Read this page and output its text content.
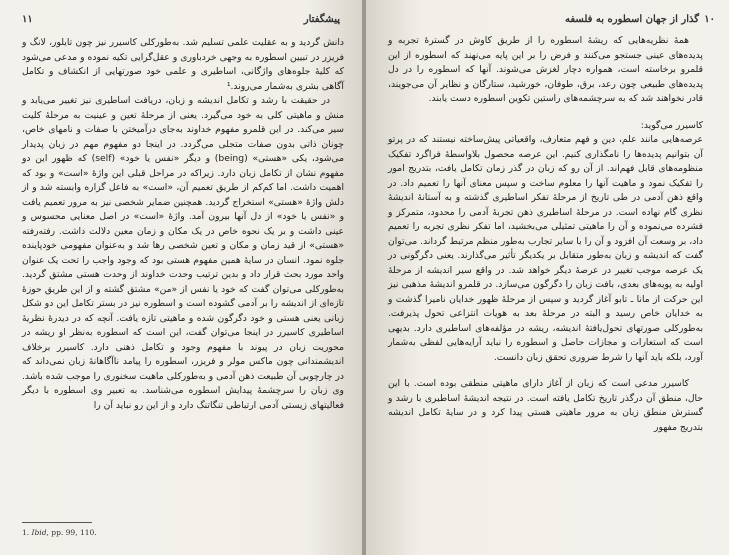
پیشگفتار
۱۱

دانش گردید و به عقلیت علمی تسلیم شد. به‌طورکلی کاسیرر نیز چون تایلور، لانگ و فریزر در تبیین اسطوره به وجهی خردباوری و عقل‌گرایی تکیه نموده و مدعی می‌شود که کلیهٔ جلوه‌های واژگانی، اساطیری و علمی خود صورتهایی از انکشاف و تکامل آگاهی بشری به‌شمار می‌روند.¹

در حقیقت با رشد و تکامل اندیشه و زبان، دریافت اساطیری نیز تغییر می‌یابد و منش و ماهیتی کلی به خود می‌گیرد. یعنی از مرحلهٔ تعین و عینیت به مرحلهٔ کلیت سیر می‌کند. در این قلمرو مفهوم خداوند به‌جای درآمیختن با صفات و نامهای خاص، چونان ذاتی بدون صفات متجلی می‌گردد. در اینجا دو مفهوم مهم در زبان پدیدار می‌شود، یکی «هستی» (being) و دیگر «نفس یا خود» (self) که ظهور این دو مفهوم نشان از تکامل زبان دارد. زیراکه در مراحل قبلی این واژهٔ «است» و بود که اهمیت داشت. اما کم‌کم از طریق تعمیم آن، «است» به فاعل گزاره وابسته شد و از دلش واژهٔ «هستی» استخراج گردید. همچنین ضمایر شخصی نیز به مرور تعمیم یافت و «نفس یا خود» از دل آنها بیرون آمد. واژهٔ «است» در اصل معنایی محسوس و عینی داشت و بر یک نحوه خاص در یک مکان و زمان معین دلالت داشت. رفته‌رفته «هستی» از قید زمان و مکان و تعین شخصی رها شد و به‌عنوان مفهومی خودپاینده جلوه نمود. انسان در سایهٔ همین مفهوم هستی بود که وجود واجب را تحت یک عنوان واحد مورد بحث قرار داد و بدین ترتیب وحدت خداوند از وحدت هستی مشتق گردید. به‌طورکلی می‌توان گفت که خود یا نفس از «من» مشتق گشته و از این طریق حوزهٔ تازه‌ای از اندیشه را بر آدمی گشوده است و اسطوره نیز در بستر تکامل این دو شکل زبانی یعنی هستی و خود دگرگون شده و ماهیتی تازه یافت. آنچه که در دیدرهٔ نظریهٔ اساطیری کاسیرر در اینجا می‌توان گفت، این است که اسطوره به‌نظر او ریشه در محوریت زبان در پیوند با مفهوم وجود و تکامل ذهنی دارد. کاسیرر برخلاف اندیشمندانی چون ماکس مولر و فریزر، اسطوره را پیامد ناآگاهانهٔ زبان نمی‌داند که در چارچوبی آن طبیعت ذهن آدمی و به‌طورکلی ماهیت سخنوری را موجب شده باشد. وی زبان را سرچشمهٔ پیدایش اسطوره می‌شناسد. به تعبیر وی اسطوره با دیگر فعالیتهای زیستی آدمی ارتباطی تنگاتنگ دارد و از این رو نباید آن را

1. Ibid, pp. 99, 110.
۱۰
گذار از جهان اسطوره به فلسفه

همهٔ نظریه‌هایی که ریشهٔ اسطوره را از طریق کاوش در گسترهٔ تجربه و پدیده‌های عینی جستجو می‌کنند و فرض را بر این پایه می‌نهند که اسطوره از این قلمرو برخاسته است، همواره دچار لغزش می‌شوند. آنها که اسطوره را در دل پدیده‌های طبیعی چون رعد، برق، طوفان، خورشید، ستارگان و نظایر آن می‌جویند، قادر نخواهند شد که به سرچشمه‌های راستین تکوین اسطوره دست یابند.

کاسیرر می‌گوید:

عرصه‌هایی مانند علم، دین و فهم متعارف، واقعیاتی پیش‌ساخته نیستند که در پرتو آن بتوانیم پدیده‌ها را نامگذاری کنیم. این عرصه محصول بلاواسطهٔ فراگرد تفکیک منظومه‌های قابل فهم‌اند. از آن رو که زبان در گذر زمان تکامل یافت، بتدریج امور را تفکیک نمود و ماهیت آنها را معلوم ساخت و سپس معنای آنها را تعمیم داد. در واقع ذهن آدمی در طی تاریخ از مرحلهٔ تفکر اساطیری گذشته و به آستانهٔ اندیشهٔ نظری گام نهاده است. در مرحلهٔ اساطیری ذهن تجربهٔ آدمی را محدود، متمرکز و فشرده می‌نموده و آن را ماهیتی تمثیلی می‌بخشید، اما تفکر نظری تجربه را تعمیم داد، بر وسعت آن افزود و آن را با سایر تجارب به‌طور منظم مرتبط گرداند. می‌توان گفت که اندیشه و زبان به‌طور متقابل بر یکدیگر تأثیر می‌گذارند. یعنی دگرگونی در یک عرصه موجب تغییر در عرصهٔ دیگر خواهد شد. در واقع سیر اندیشه از مرحلهٔ اولیه به پویه‌های بعدی، بافت زبان را دگرگون می‌سازد. در قلمرو اندیشهٔ مذهبی نیز این حرکت از مانا ـ تابو آغاز گردید و سپس از مرحلهٔ ظهور خدایان نامیرا گذشت و به خدایان خاص رسید و البته در مرحلهٔ بعد به هویات انتزاعی تحول پذیرفت. به‌طورکلی صورتهای تحول‌یافتهٔ اندیشه، ریشه در مؤلفه‌های اساطیری دارد. بدیهی است که استعارات و مجازات حاصل و اسطوره را نباید آرایه‌هایی لفظی به‌شمار آورد، بلکه باید آنها را شرط ضروری تحقق زبان دانست.

کاسیرر مدعی است که زبان از آغاز دارای ماهیتی منطقی بوده است. با این حال، منطق آن درگذر تاریخ تکامل یافته است. در نتیجه اندیشهٔ اساطیری با رشد و گسترش منطق زبان به مرور ماهیتی هستی پیدا کرد و در سایهٔ تکامل اندیشه بتدریج مفهور
